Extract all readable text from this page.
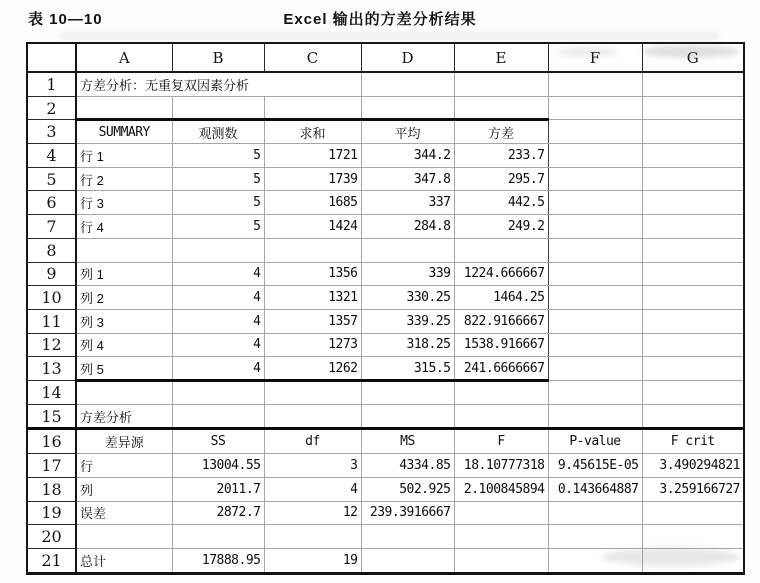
表 10—10	Excel 输出的方差分析结果
	A	B	C	D	E	F	G
1	方差分析：无重复双因素分析						
2							
3	SUMMARY	观测数	求和	平均	方差		
4	行 1	5	1721	344.2	233.7		
5	行 2	5	1739	347.8	295.7		
6	行 3	5	1685	337	442.5		
7	行 4	5	1424	284.8	249.2		
8							
9	列 1	4	1356	339	1224.666667		
10	列 2	4	1321	330.25	1464.25		
11	列 3	4	1357	339.25	822.9166667		
12	列 4	4	1273	318.25	1538.916667		
13	列 5	4	1262	315.5	241.6666667		
14							
15	方差分析						
16	差异源	SS	df	MS	F	P-value	F crit
17	行	13004.55	3	4334.85	18.10777318	9.45615E-05	3.490294821
18	列	2011.7	4	502.925	2.100845894	0.143664887	3.259166727
19	误差	2872.7	12	239.3916667			
20							
21	总计	17888.95	19				
